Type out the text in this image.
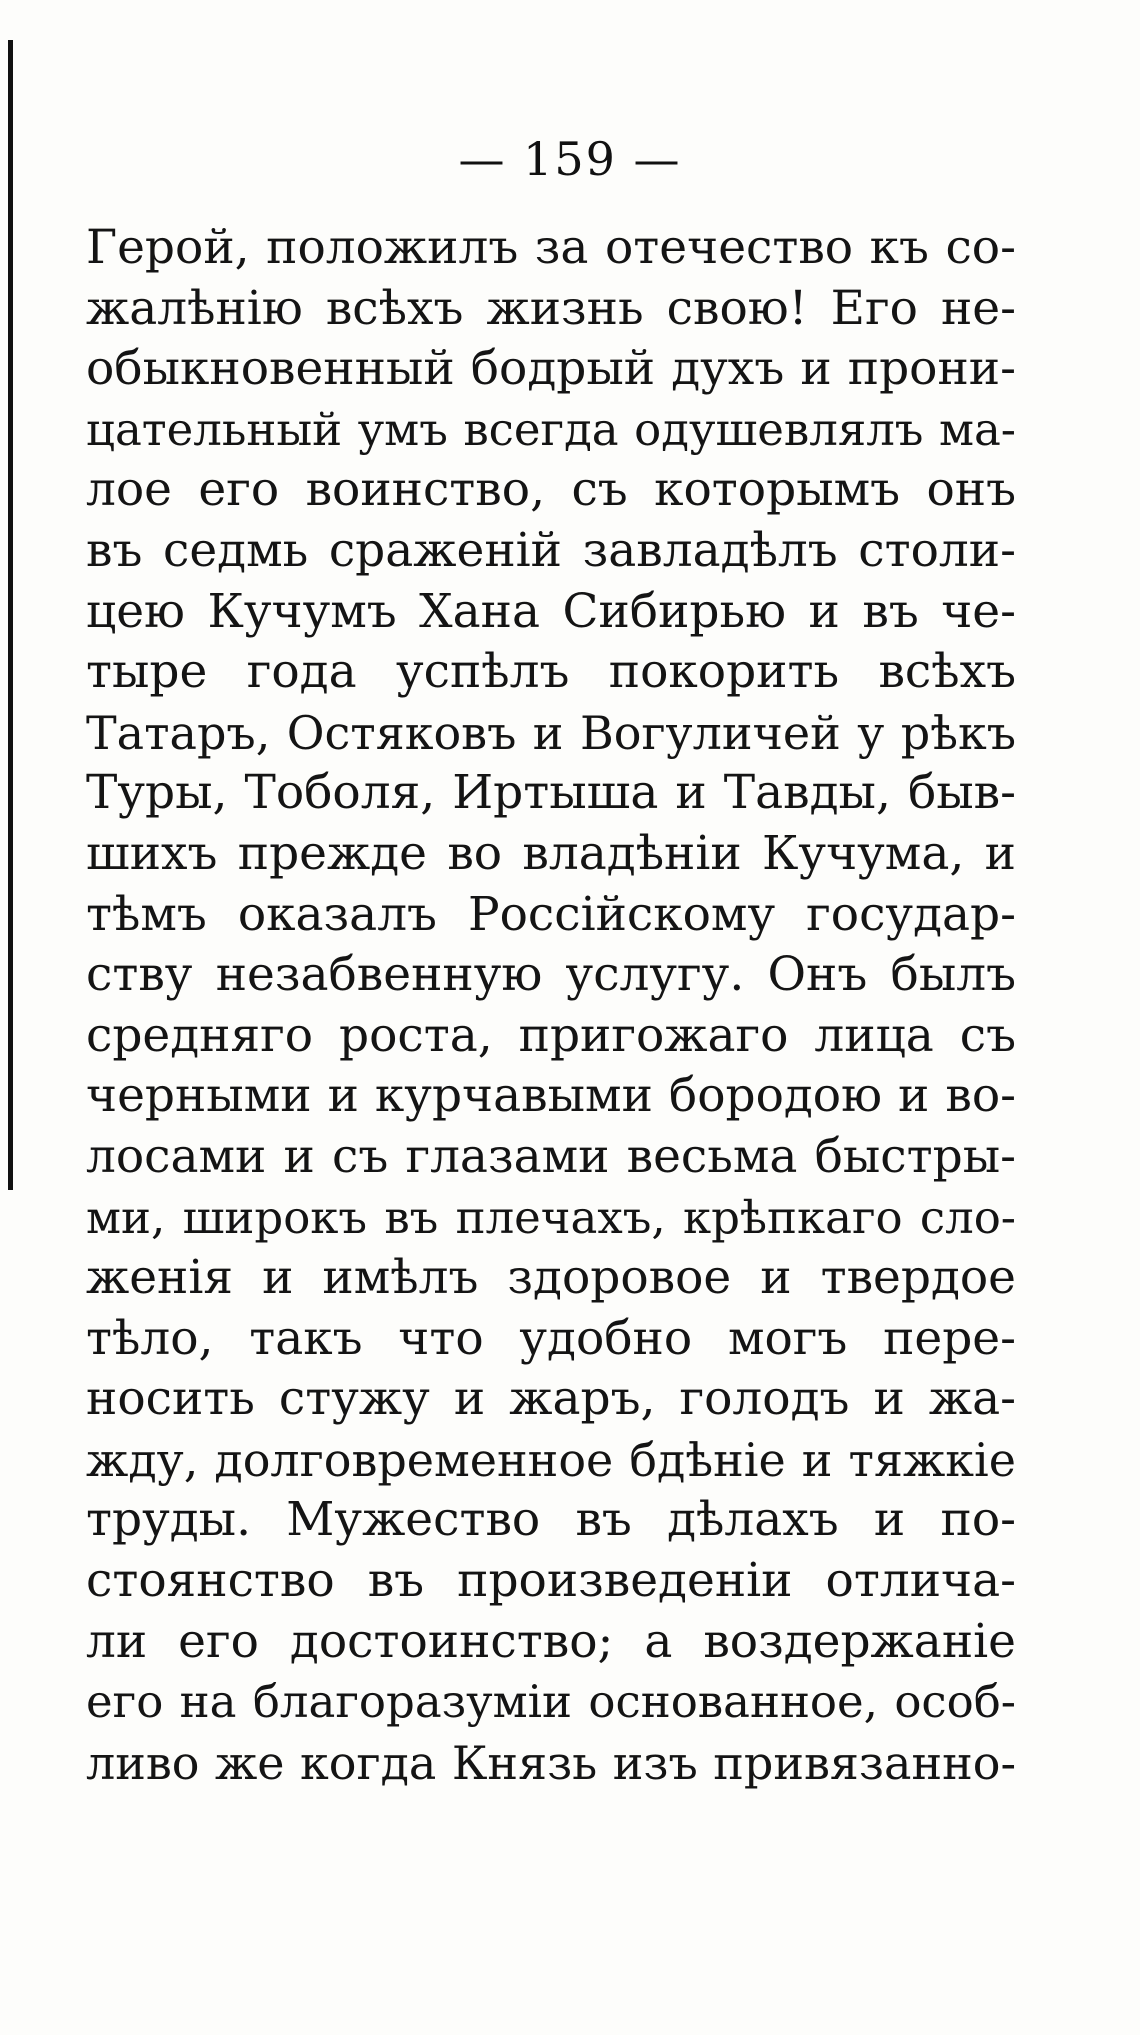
— 159 —
Герой, положилъ за отечество къ со-
жалѣнію всѣхъ жизнь свою! Его не-
обыкновенный бодрый духъ и прони-
цательный умъ всегда одушевлялъ ма-
лое его воинство, съ которымъ онъ
въ седмь сраженій завладѣлъ столи-
цею Кучумъ Хана Сибирью и въ че-
тыре года успѣлъ покорить всѣхъ
Татаръ, Остяковъ и Вогуличей у рѣкъ
Туры, Тоболя, Иртыша и Тавды, быв-
шихъ прежде во владѣніи Кучума, и
тѣмъ оказалъ Россійскому государ-
ству незабвенную услугу. Онъ былъ
средняго роста, пригожаго лица съ
черными и курчавыми бородою и во-
лосами и съ глазами весьма быстры-
ми, широкъ въ плечахъ, крѣпкаго сло-
женія и имѣлъ здоровое и твердое
тѣло, такъ что удобно могъ пере-
носить стужу и жаръ, голодъ и жа-
жду, долговременное бдѣніе и тяжкіе
труды. Мужество въ дѣлахъ и по-
стоянство въ произведеніи отлича-
ли его достоинство; а воздержаніе
его на благоразуміи основанное, особ-
ливо же когда Князь изъ привязанно-
